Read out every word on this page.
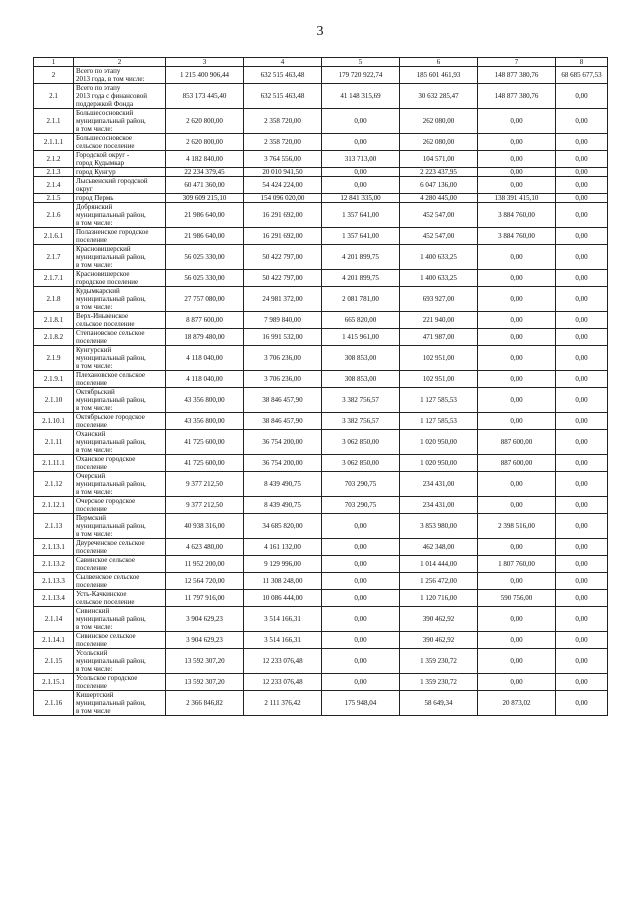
3
1	2	3	4	5	6	7	8
2	Всего по этапу
2013 года, в том числе:	1 215 400 906,44	632 515 463,48	179 720 922,74	185 601 461,93	148 877 380,76	68 685 677,53
2.1	Всего по этапу
2013 года с финансовой
поддержкой Фонда	853 173 445,40	632 515 463,48	41 148 315,69	30 632 285,47	148 877 380,76	0,00
2.1.1	Большесосновский
муниципальный район,
в том числе:	2 620 800,00	2 358 720,00	0,00	262 080,00	0,00	0,00
2.1.1.1	Большесосновское
сельское поселение	2 620 800,00	2 358 720,00	0,00	262 080,00	0,00	0,00
2.1.2	Городской округ -
город Кудымкар	4 182 840,00	3 764 556,00	313 713,00	104 571,00	0,00	0,00
2.1.3	город Кунгур	22 234 379,45	20 010 941,50	0,00	2 223 437,95	0,00	0,00
2.1.4	Лысьвенский городской
округ	60 471 360,00	54 424 224,00	0,00	6 047 136,00	0,00	0,00
2.1.5	город Пермь	309 609 215,10	154 096 020,00	12 841 335,00	4 280 445,00	138 391 415,10	0,00
2.1.6	Добрянский
муниципальный район,
в том числе:	21 986 640,00	16 291 692,00	1 357 641,00	452 547,00	3 884 760,00	0,00
2.1.6.1	Полазненское городское
поселение	21 986 640,00	16 291 692,00	1 357 641,00	452 547,00	3 884 760,00	0,00
2.1.7	Красновишерский
муниципальный район,
в том числе:	56 025 330,00	50 422 797,00	4 201 899,75	1 400 633,25	0,00	0,00
2.1.7.1	Красновишерское
городское поселение	56 025 330,00	50 422 797,00	4 201 899,75	1 400 633,25	0,00	0,00
2.1.8	Кудымкарский
муниципальный район,
в том числе:	27 757 080,00	24 981 372,00	2 081 781,00	693 927,00	0,00	0,00
2.1.8.1	Верх-Иньвенское
сельское поселение	8 877 600,00	7 989 840,00	665 820,00	221 940,00	0,00	0,00
2.1.8.2	Степановское сельское
поселение	18 879 480,00	16 991 532,00	1 415 961,00	471 987,00	0,00	0,00
2.1.9	Кунгурский
муниципальный район,
в том числе:	4 118 040,00	3 706 236,00	308 853,00	102 951,00	0,00	0,00
2.1.9.1	Плехановское сельское
поселение	4 118 040,00	3 706 236,00	308 853,00	102 951,00	0,00	0,00
2.1.10	Октябрьский
муниципальный район,
в том числе:	43 356 800,00	38 846 457,90	3 382 756,57	1 127 585,53	0,00	0,00
2.1.10.1	Октябрьское городское
поселение	43 356 800,00	38 846 457,90	3 382 756,57	1 127 585,53	0,00	0,00
2.1.11	Оханский
муниципальный район,
в том числе:	41 725 600,00	36 754 200,00	3 062 850,00	1 020 950,00	887 600,00	0,00
2.1.11.1	Оханское городское
поселение	41 725 600,00	36 754 200,00	3 062 850,00	1 020 950,00	887 600,00	0,00
2.1.12	Очерский
муниципальный район,
в том числе:	9 377 212,50	8 439 490,75	703 290,75	234 431,00	0,00	0,00
2.1.12.1	Очерское городское
поселение	9 377 212,50	8 439 490,75	703 290,75	234 431,00	0,00	0,00
2.1.13	Пермский
муниципальный район,
в том числе:	40 938 316,00	34 685 820,00	0,00	3 853 980,00	2 398 516,00	0,00
2.1.13.1	Двуреченское сельское
поселение	4 623 480,00	4 161 132,00	0,00	462 348,00	0,00	0,00
2.1.13.2	Савинское сельское
поселение	11 952 200,00	9 129 996,00	0,00	1 014 444,00	1 807 760,00	0,00
2.1.13.3	Сылвенское сельское
поселение	12 564 720,00	11 308 248,00	0,00	1 256 472,00	0,00	0,00
2.1.13.4	Усть-Качкинское
сельское поселение	11 797 916,00	10 086 444,00	0,00	1 120 716,00	590 756,00	0,00
2.1.14	Сивинский
муниципальный район,
в том числе:	3 904 629,23	3 514 166,31	0,00	390 462,92	0,00	0,00
2.1.14.1	Сивинское сельское
поселение	3 904 629,23	3 514 166,31	0,00	390 462,92	0,00	0,00
2.1.15	Усольский
муниципальный район,
в том числе:	13 592 307,20	12 233 076,48	0,00	1 359 230,72	0,00	0,00
2.1.15.1	Усольское городское
поселение	13 592 307,20	12 233 076,48	0,00	1 359 230,72	0,00	0,00
2.1.16	Кишертский
муниципальный район,
в том числе	2 366 846,82	2 111 376,42	175 948,04	58 649,34	20 873,02	0,00
